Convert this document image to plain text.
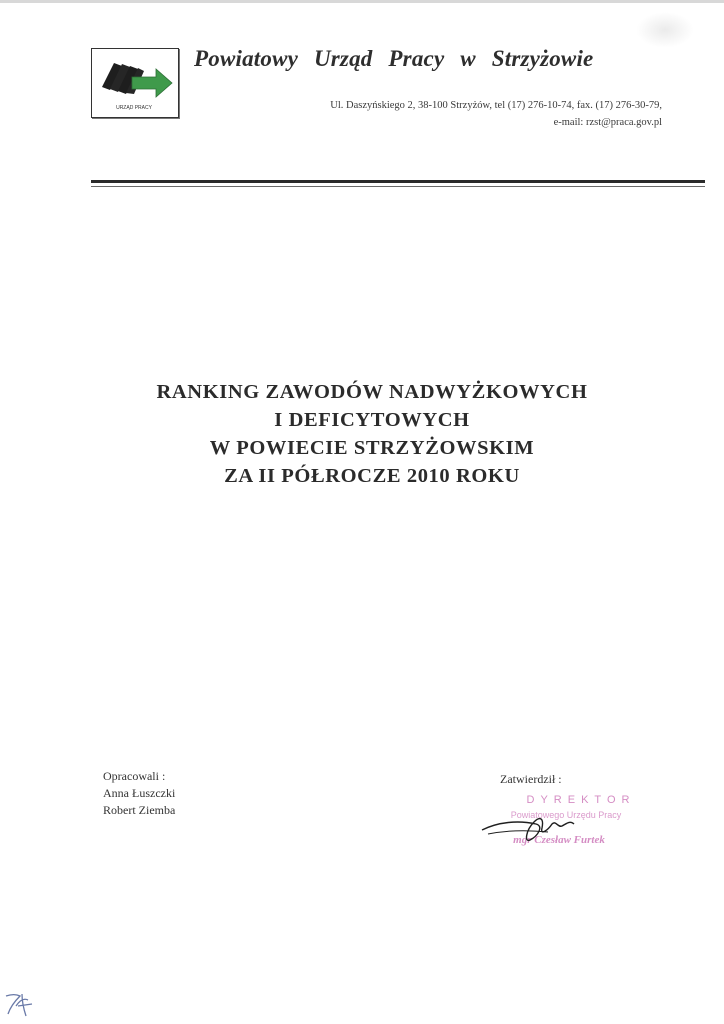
URZĄD PRACY
Powiatowy Urząd Pracy w Strzyżowie
Ul. Daszyńskiego 2, 38-100 Strzyżów, tel (17) 276-10-74, fax. (17) 276-30-79,
e-mail: rzst@praca.gov.pl
RANKING ZAWODÓW NADWYŻKOWYCH
I DEFICYTOWYCH
W POWIECIE STRZYŻOWSKIM
ZA II PÓŁROCZE 2010 ROKU
Opracowali :
Anna Łuszczki
Robert Ziemba
Zatwierdził :
DYREKTOR
Powiatowego Urzędu Pracy
mgr Czesław Furtek
